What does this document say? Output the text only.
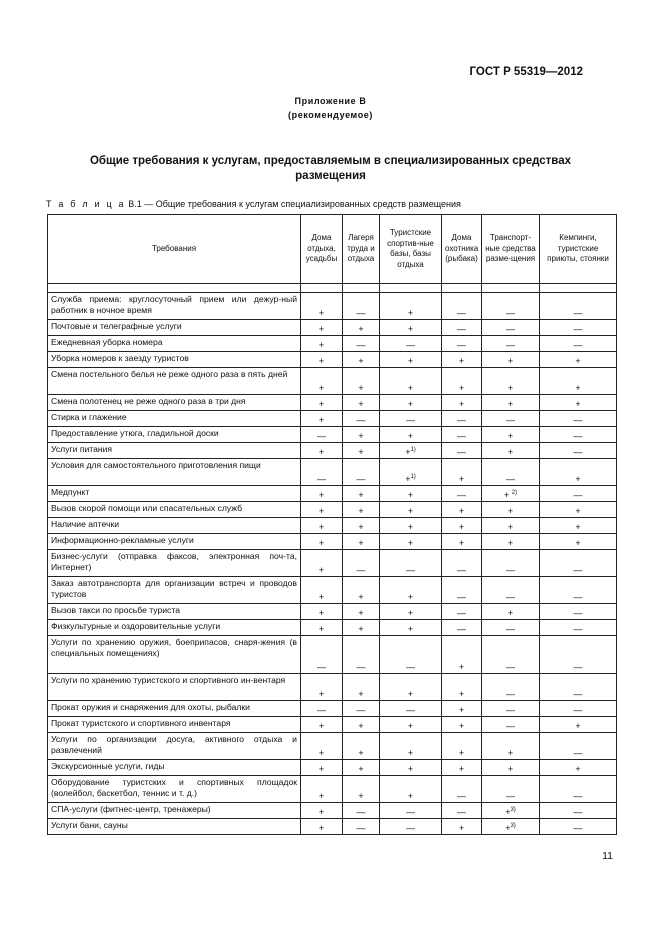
ГОСТ Р 55319—2012
Приложение В
(рекомендуемое)
Общие требования к услугам, предоставляемым в специализированных средствах размещения
Т а б л и ц а В.1 — Общие требования к услугам специализированных средств размещения
Требования	Дома отдыха, усадьбы	Лагеря труда и отдыха	Туристские спортив-ные базы, базы отдыха	Дома охотника (рыбака)	Транспорт-ные средства разме-щения	Кемпинги, туристские приюты, стоянки

Служба приема: круглосуточный прием или дежур-ный работник в ночное время	+	—	+	—	—	—
Почтовые и телеграфные услуги	+	+	+	—	—	—
Ежедневная уборка номера	+	—	—	—	—	—
Уборка номеров к заезду туристов	+	+	+	+	+	+
Смена постельного белья не реже одного раза в пять дней	+	+	+	+	+	+
Смена полотенец не реже одного раза в три дня	+	+	+	+	+	+
Стирка и глажение	+	—	—	—	—	—
Предоставление утюга, гладильной доски	—	+	+	—	+	—
Услуги питания	+	+	+$^{1)}$	—	+	—
Условия для самостоятельного приготовления пищи	—	—	+$^{1)}$	+	—	+
Медпункт	+	+	+	—	+ $^{2)}$	—
Вызов скорой помощи или спасательных служб	+	+	+	+	+	+
Наличие аптечки	+	+	+	+	+	+
Информационно-рекламные услуги	+	+	+	+	+	+
Бизнес-услуги (отправка факсов, электронная поч-та, Интернет)	+	—	—	—	—	—
Заказ автотранспорта для организации встреч и проводов туристов	+	+	+	—	—	—
Вызов такси по просьбе туриста	+	+	+	—	+	—
Физкультурные и оздоровительные услуги	+	+	+	—	—	—
Услуги по хранению оружия, боеприпасов, снаря-жения (в специальных помещениях)	—	—	—	+	—	—
Услуги по хранению туристского и спортивного ин-вентаря	+	+	+	+	—	—
Прокат оружия и снаряжения для охоты, рыбалки	—	—	—	+	—	—
Прокат туристского и спортивного инвентаря	+	+	+	+	—	+
Услуги по организации досуга, активного отдыха и развлечений	+	+	+	+	+	—
Экскурсионные услуги, гиды	+	+	+	+	+	+
Оборудование туристских и спортивных площадок (волейбол, баскетбол, теннис и т. д.)	+	+	+	—	—	—
СПА-услуги (фитнес-центр, тренажеры)	+	—	—	—	+$^{3)}$	—
Услуги бани, сауны	+	—	—	+	+$^{3)}$	—
11
